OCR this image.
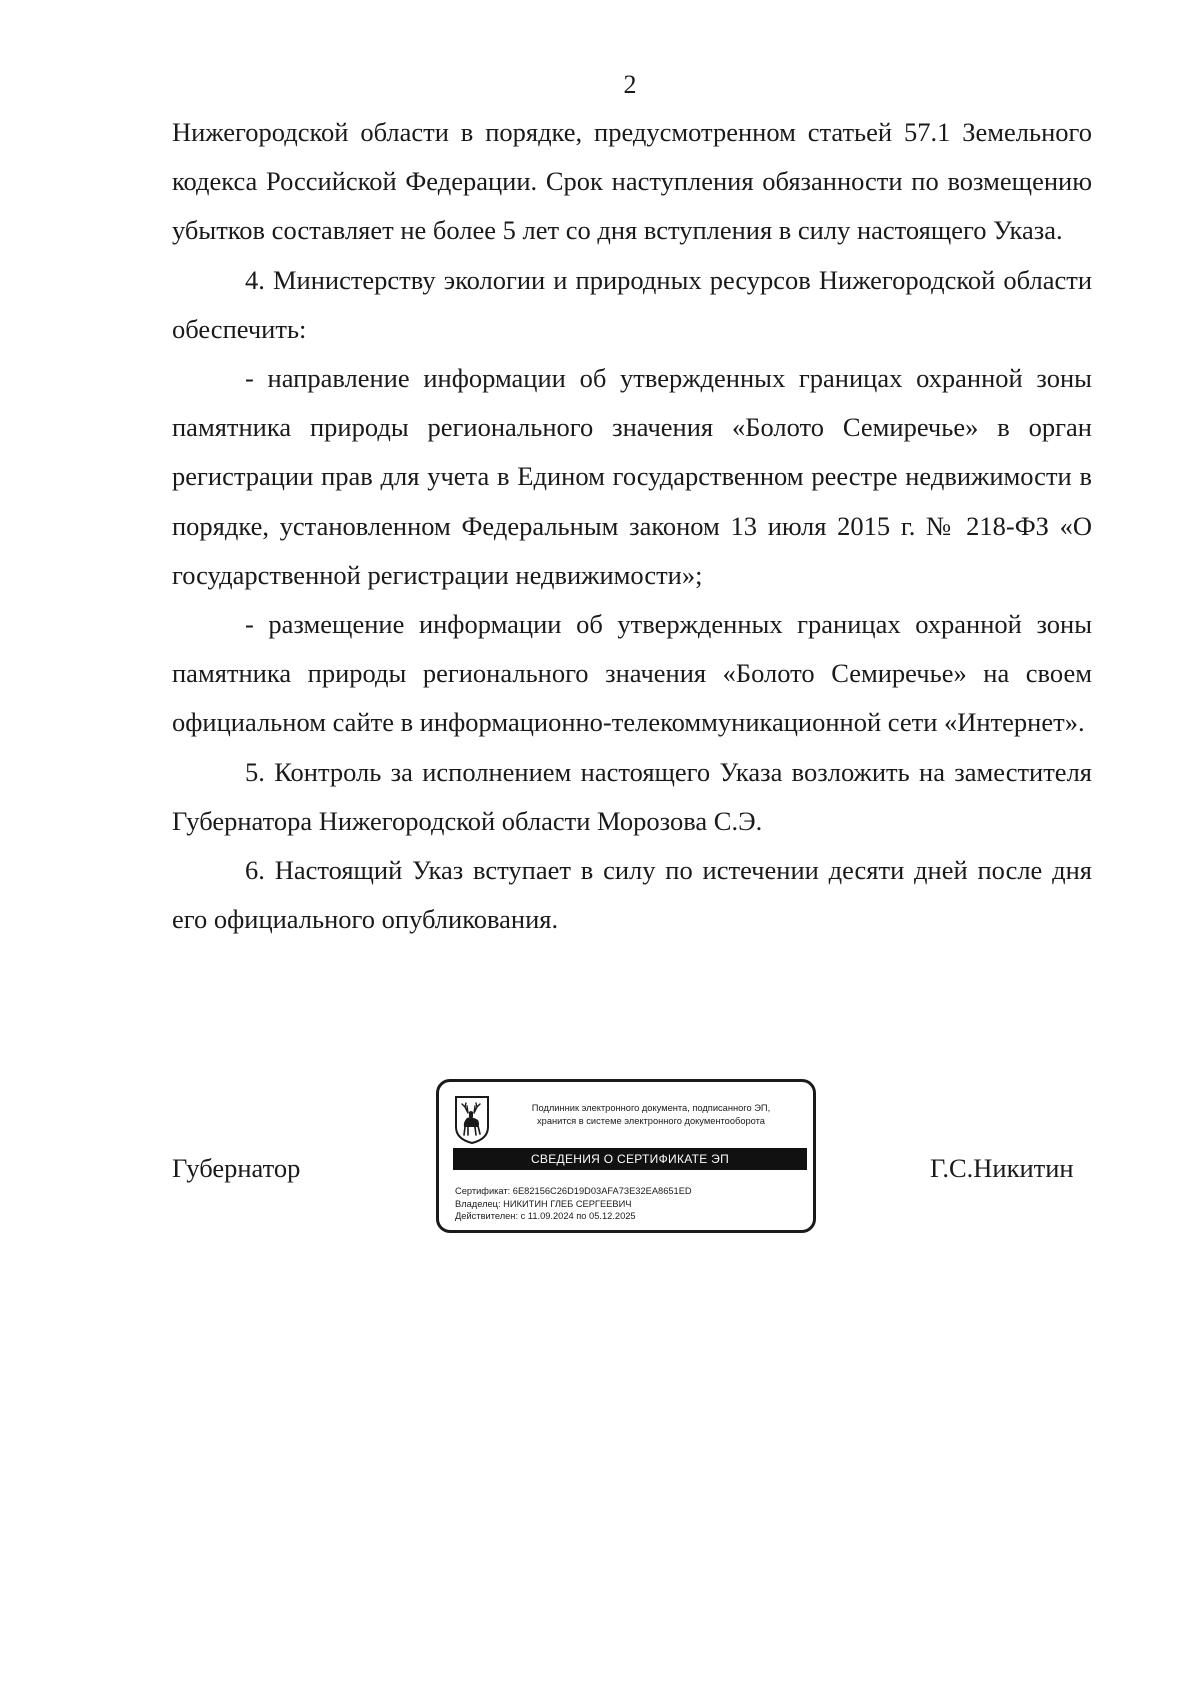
2

Нижегородской области в порядке, предусмотренном статьей 57.1 Земельного кодекса Российской Федерации. Срок наступления обязанности по возмещению убытков составляет не более 5 лет со дня вступления в силу настоящего Указа.

4. Министерству экологии и природных ресурсов Нижегородской области обеспечить:

- направление информации об утвержденных границах охранной зоны памятника природы регионального значения «Болото Семиречье» в орган регистрации прав для учета в Едином государственном реестре недвижимости в порядке, установленном Федеральным законом 13 июля 2015 г. № 218-ФЗ «О государственной регистрации недвижимости»;

- размещение информации об утвержденных границах охранной зоны памятника природы регионального значения «Болото Семиречье» на своем официальном сайте в информационно-телекоммуникационной сети «Интернет».

5. Контроль за исполнением настоящего Указа возложить на заместителя Губернатора Нижегородской области Морозова С.Э.

6. Настоящий Указ вступает в силу по истечении десяти дней после дня его официального опубликования.

Губернатор
Подлинник электронного документа, подписанного ЭП,
хранится в системе электронного документооборота
СВЕДЕНИЯ О СЕРТИФИКАТЕ ЭП
Сертификат: 6E82156C26D19D03AFA73E32EA8651ED
Владелец: НИКИТИН ГЛЕБ СЕРГЕЕВИЧ
Действителен: с 11.09.2024 по 05.12.2025
Г.С.Никитин
